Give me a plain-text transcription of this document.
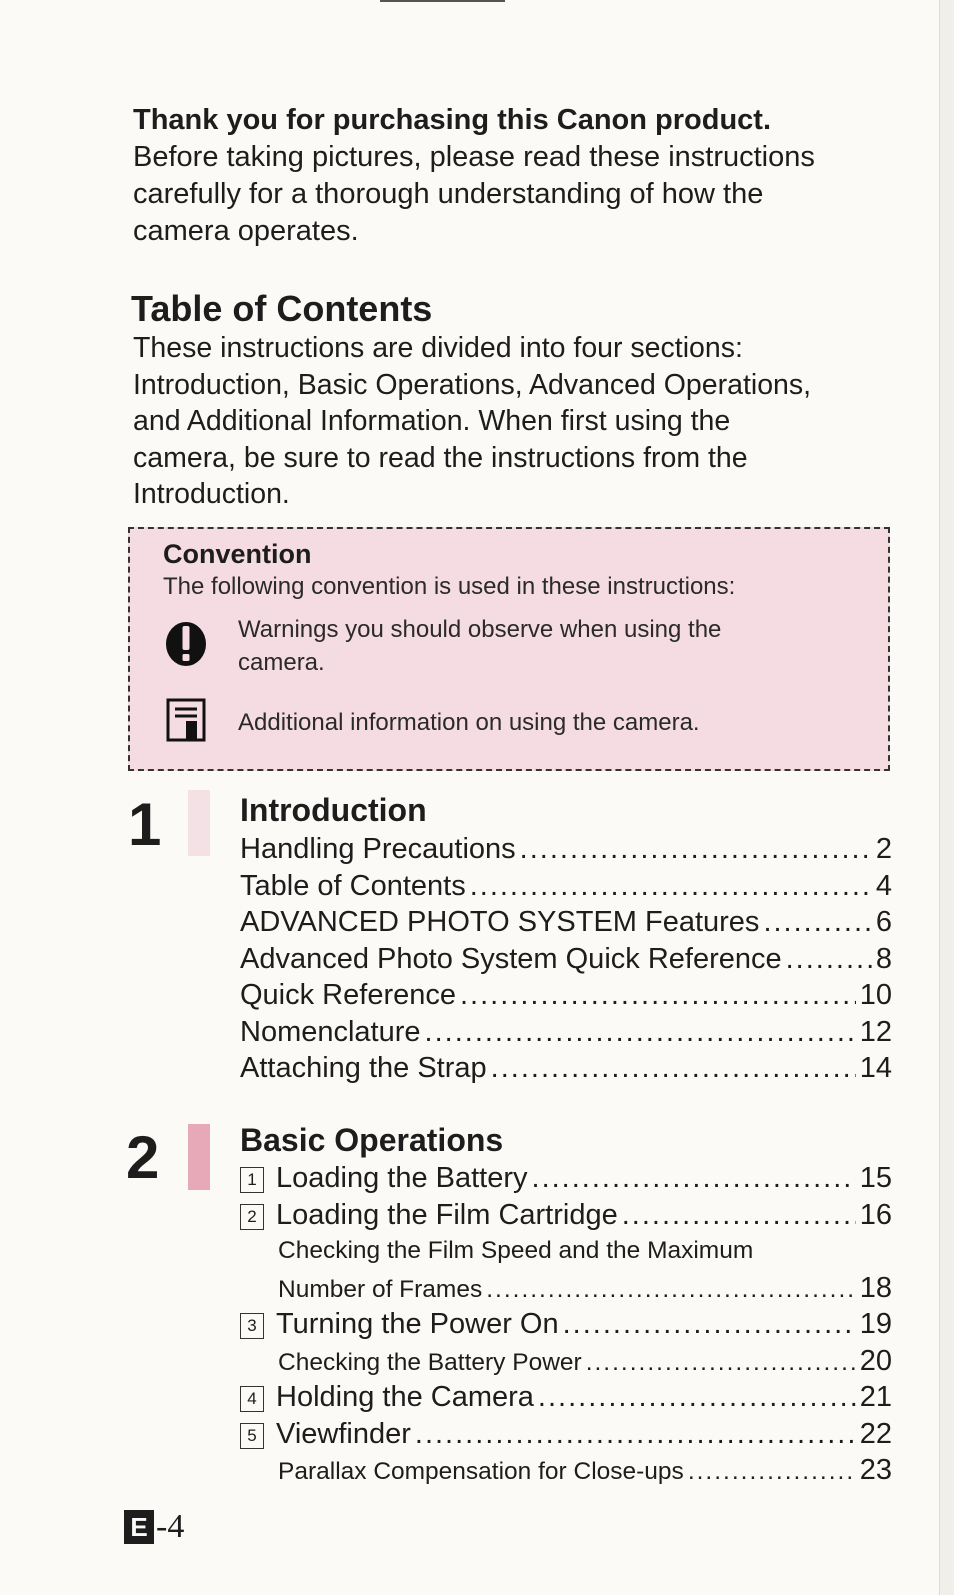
Thank you for purchasing this Canon product.

Before taking pictures, please read these instructions

carefully for a thorough understanding of how the

camera operates.

Table of Contents
These instructions are divided into four sections:
Introduction, Basic Operations, Advanced Operations,
and Additional Information. When first using the
camera, be sure to read the instructions from the
Introduction.
Convention
The following convention is used in these instructions:
Warnings you should observe when using the
camera.
Additional information on using the camera.
1 Introduction
Handling Precautions .....	2
Table of Contents .....	4
ADVANCED PHOTO SYSTEM Features .....	6
Advanced Photo System Quick Reference .....	8
Quick Reference .....	10
Nomenclature .....	12
Attaching the Strap .....	14
2	Basic Operations
1 Loading the Battery .....	15
2 Loading the Film Cartridge .....	16
Checking the Film Speed and the Maximum
Number of Frames .....	18
3 Turning the Power On .....	19
Checking the Battery Power .....	20
4 Holding the Camera .....	21
5 Viewfinder .....	22
Parallax Compensation for Close-ups .....	23
E -4
